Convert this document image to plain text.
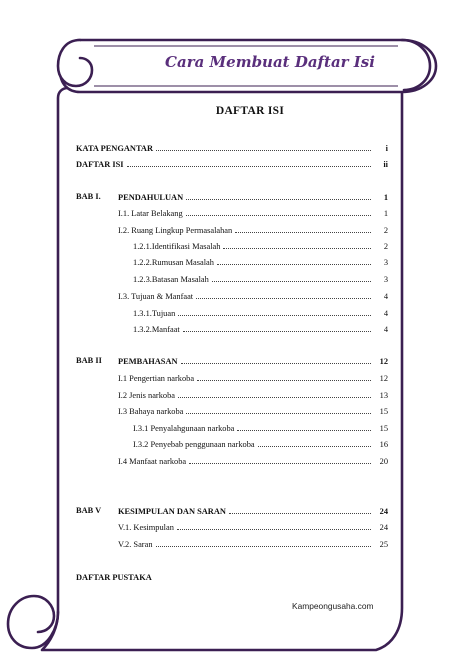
Cara Membuat Daftar Isi
DAFTAR ISI
KATA PENGANTAR	i
DAFTAR ISI	ii
BAB I. PENDAHULUAN	1
I.1. Latar Belakang	1
I.2. Ruang Lingkup Permasalahan	2
1.2.1.Identifikasi Masalah	2
1.2.2.Rumusan Masalah	3
1.2.3.Batasan Masalah	3
I.3. Tujuan & Manfaat	4
1.3.1.Tujuan	4
1.3.2.Manfaat	4
BAB II PEMBAHASAN	12
I.1 Pengertian narkoba	12
I.2 Jenis narkoba	13
I.3 Bahaya narkoba	15
I.3.1 Penyalahgunaan narkoba	15
I.3.2 Penyebab penggunaan narkoba	16
I.4 Manfaat narkoba	20
BAB V KESIMPULAN DAN SARAN	24
V.1. Kesimpulan	24
V.2. Saran	25
DAFTAR PUSTAKA
Kampeongusaha.com
